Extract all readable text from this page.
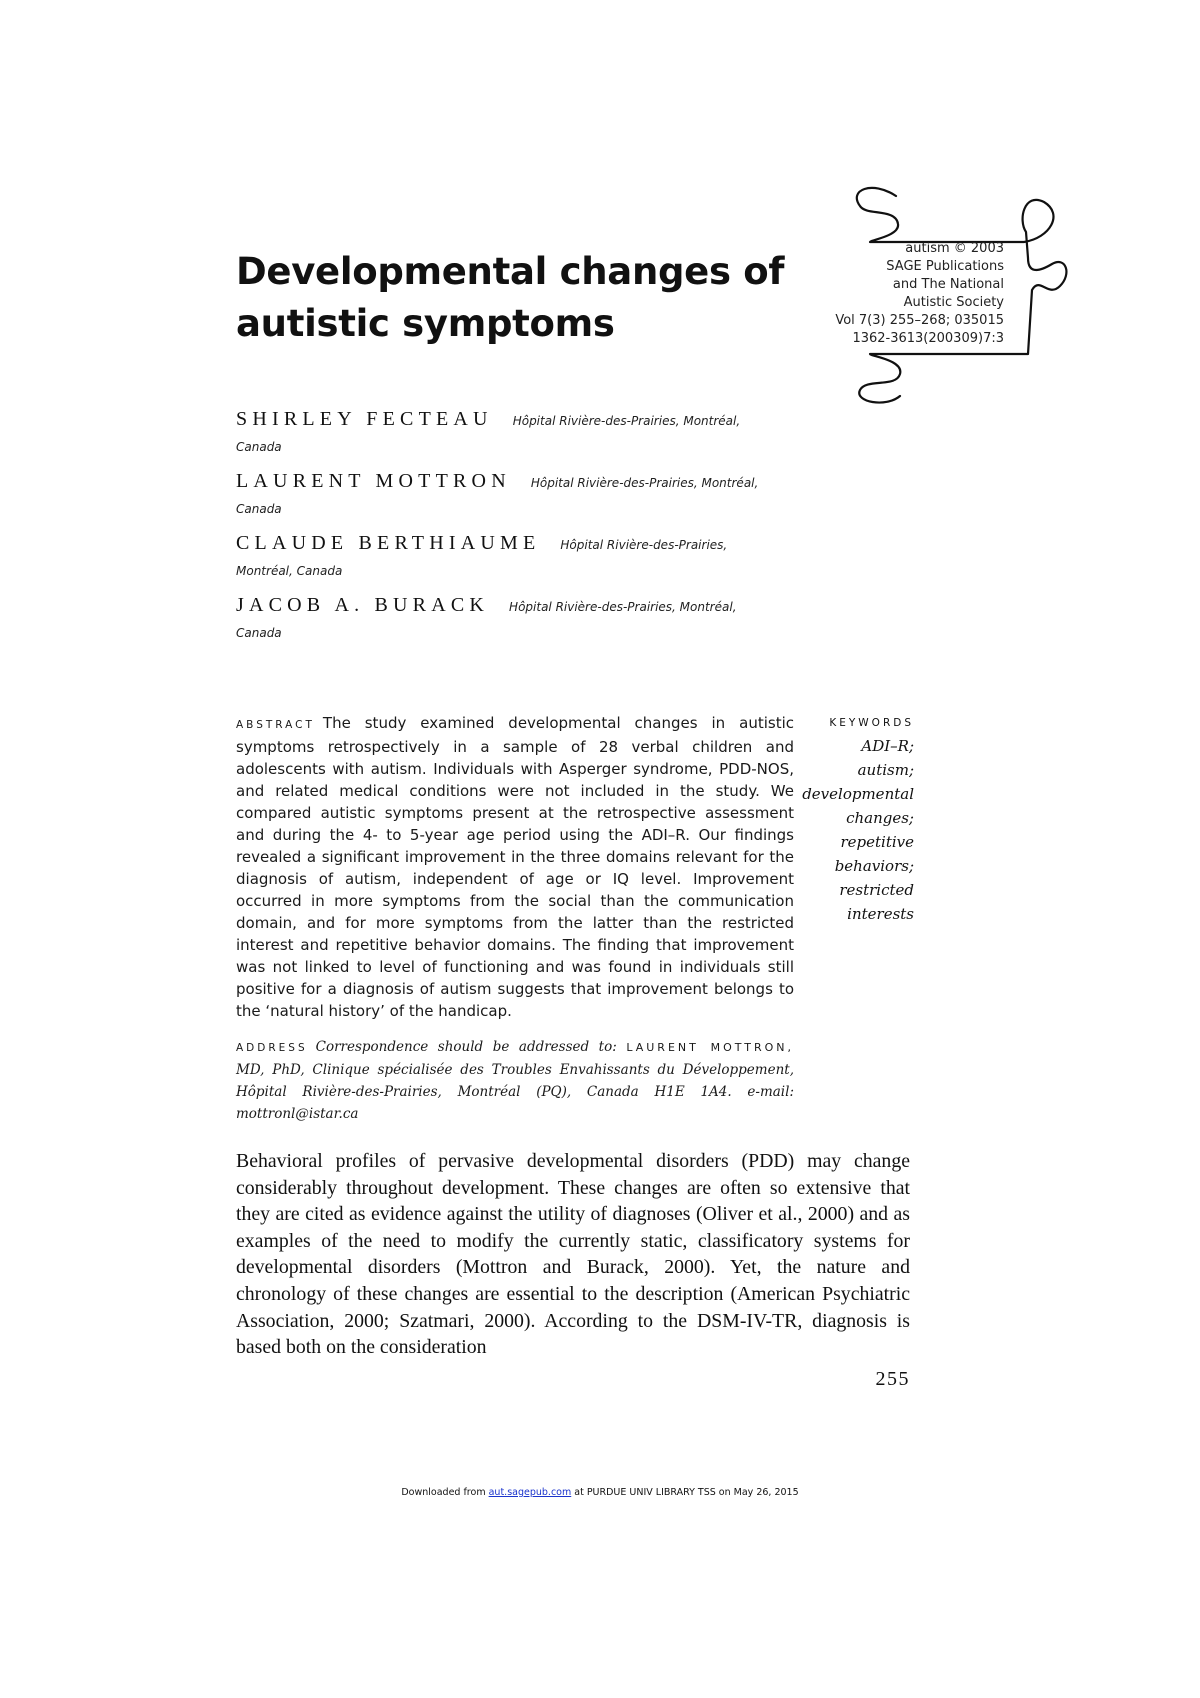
Developmental changes of autistic symptoms
autism © 2003
SAGE Publications
and The National
Autistic Society
Vol 7(3) 255–268; 035015
1362-3613(200309)7:3
SHIRLEY FECTEAU Hôpital Rivière-des-Prairies, Montréal,
Canada
LAURENT MOTTRON Hôpital Rivière-des-Prairies, Montréal,
Canada
CLAUDE BERTHIAUME Hôpital Rivière-des-Prairies,
Montréal, Canada
JACOB A. BURACK Hôpital Rivière-des-Prairies, Montréal,
Canada

ABSTRACT The study examined developmental changes in autistic symptoms retrospectively in a sample of 28 verbal children and adolescents with autism. Individuals with Asperger syndrome, PDD-NOS, and related medical conditions were not included in the study. We compared autistic symptoms present at the retrospective assessment and during the 4- to 5-year age period using the ADI–R. Our findings revealed a significant improvement in the three domains relevant for the diagnosis of autism, independent of age or IQ level. Improvement occurred in more symptoms from the social than the communication domain, and for more symptoms from the latter than the restricted interest and repetitive behavior domains. The finding that improvement was not linked to level of functioning and was found in individuals still positive for a diagnosis of autism suggests that improvement belongs to the ‘natural history’ of the handicap.

ADDRESS Correspondence should be addressed to: LAURENT MOTTRON, MD, PhD, Clinique spécialisée des Troubles Envahissants du Développement, Hôpital Rivière-des-Prairies, Montréal (PQ), Canada H1E 1A4. e-mail: mottronl@istar.ca

KEYWORDS
ADI–R;
autism;
developmental
changes;
repetitive
behaviors;
restricted
interests

Behavioral profiles of pervasive developmental disorders (PDD) may change considerably throughout development. These changes are often so extensive that they are cited as evidence against the utility of diagnoses (Oliver et al., 2000) and as examples of the need to modify the currently static, classificatory systems for developmental disorders (Mottron and Burack, 2000). Yet, the nature and chronology of these changes are essential to the description (American Psychiatric Association, 2000; Szatmari, 2000). According to the DSM-IV-TR, diagnosis is based both on the consideration

255
Downloaded from aut.sagepub.com at PURDUE UNIV LIBRARY TSS on May 26, 2015
